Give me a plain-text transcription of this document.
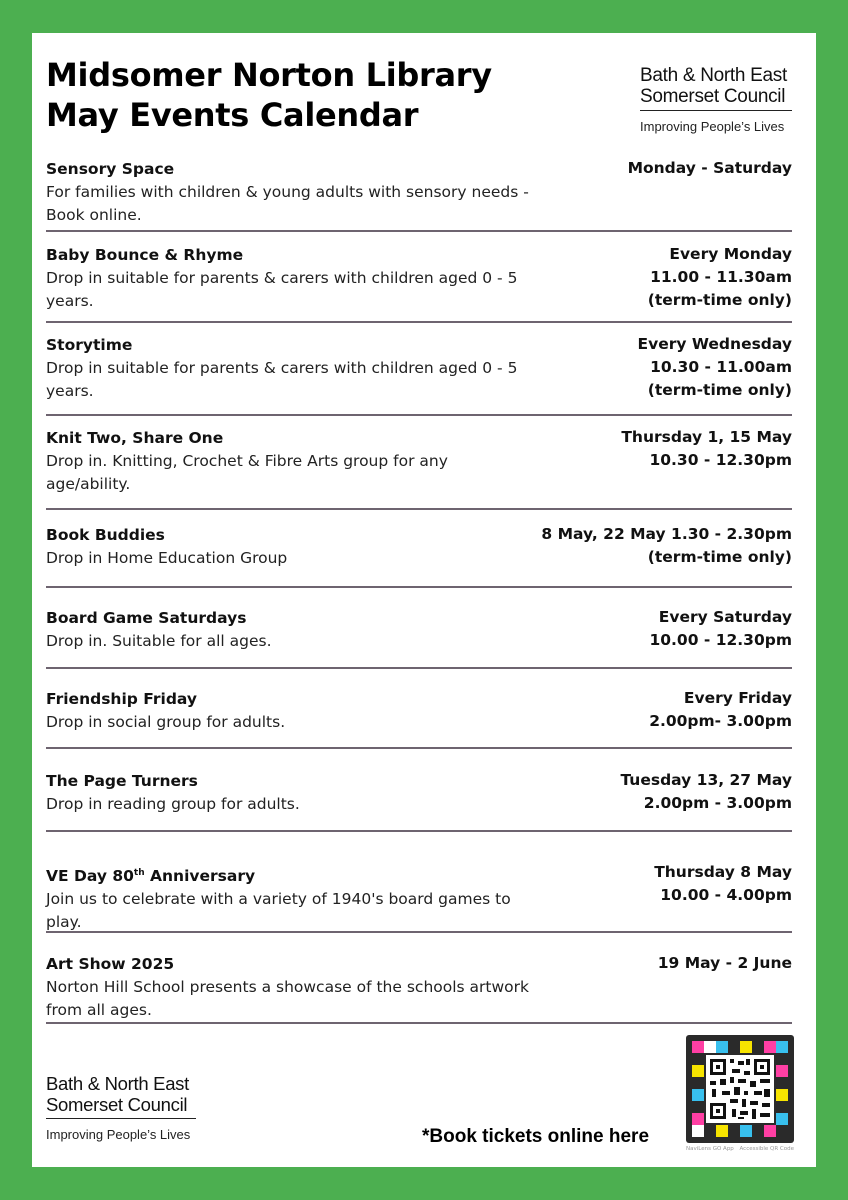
Midsomer Norton Library
May Events Calendar
Bath & North East
Somerset Council
Improving People’s Lives
Sensory Space
For families with children & young adults with sensory needs - Book online.
Monday - Saturday
Baby Bounce & Rhyme
Drop in suitable for parents & carers with children aged 0 - 5 years.
Every Monday
11.00 - 11.30am
(term-time only)
Storytime
Drop in suitable for parents & carers with children aged 0 - 5 years.
Every Wednesday
10.30 - 11.00am
(term-time only)
Knit Two, Share One
Drop in. Knitting, Crochet & Fibre Arts group for any age/ability.
Thursday 1, 15 May
10.30 - 12.30pm
Book Buddies
Drop in Home Education Group
8 May, 22 May 1.30 - 2.30pm
(term-time only)
Board Game Saturdays
Drop in. Suitable for all ages.
Every Saturday
10.00 - 12.30pm
Friendship Friday
Drop in social group for adults.
Every Friday
2.00pm- 3.00pm
The Page Turners
Drop in reading group for adults.
Tuesday 13, 27 May
2.00pm - 3.00pm
VE Day 80th Anniversary
Join us to celebrate with a variety of 1940's board games to play.
Thursday 8 May
10.00 - 4.00pm
Art Show 2025
Norton Hill School presents a showcase of the schools artwork from all ages.
19 May - 2 June
Bath & North East
Somerset Council
Improving People’s Lives	*Book tickets online here
NaviLens GO App Accessible QR Code
